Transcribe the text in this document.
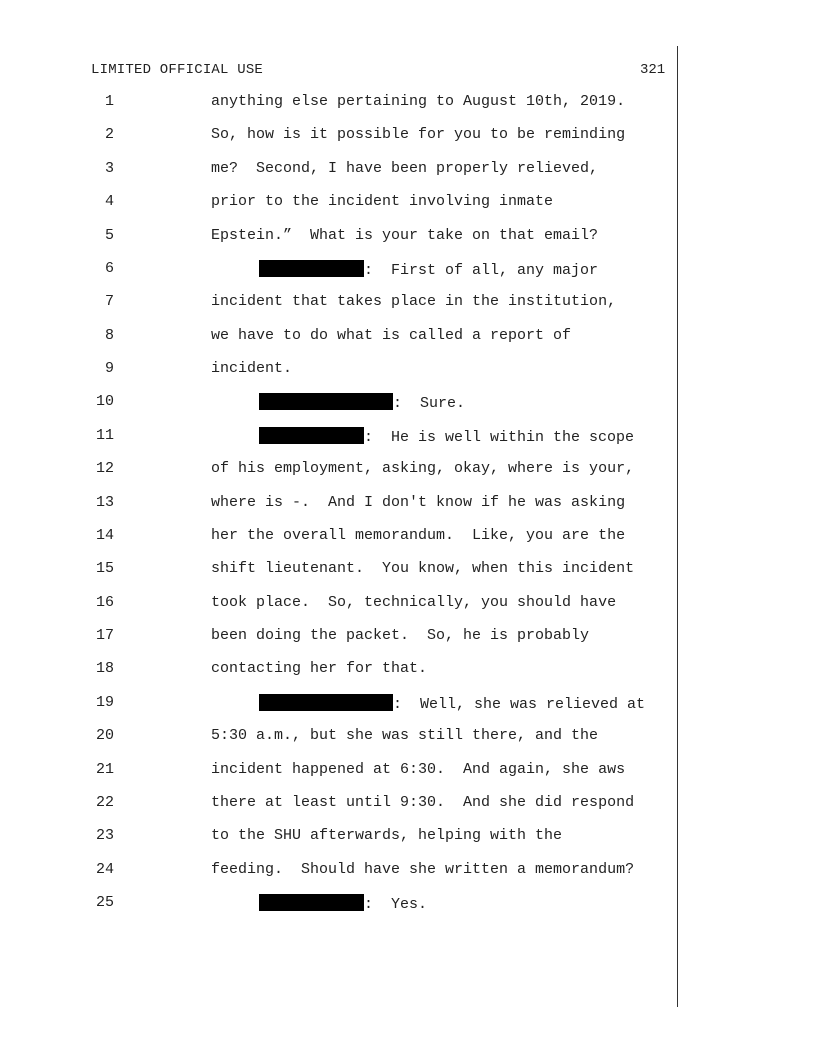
LIMITED OFFICIAL USE	321
1	anything else pertaining to August 10th, 2019.
2	So, how is it possible for you to be reminding
3	me?  Second, I have been properly relieved,
4	prior to the incident involving inmate
5	Epstein.”  What is your take on that email?
6	:  First of all, any major
7	incident that takes place in the institution,
8	we have to do what is called a report of
9	incident.
10	:  Sure.
11	:  He is well within the scope
12	of his employment, asking, okay, where is your,
13	where is -.  And I don't know if he was asking
14	her the overall memorandum.  Like, you are the
15	shift lieutenant.  You know, when this incident
16	took place.  So, technically, you should have
17	been doing the packet.  So, he is probably
18	contacting her for that.
19	:  Well, she was relieved at
20	5:30 a.m., but she was still there, and the
21	incident happened at 6:30.  And again, she aws
22	there at least until 9:30.  And she did respond
23	to the SHU afterwards, helping with the
24	feeding.  Should have she written a memorandum?
25	:  Yes.
